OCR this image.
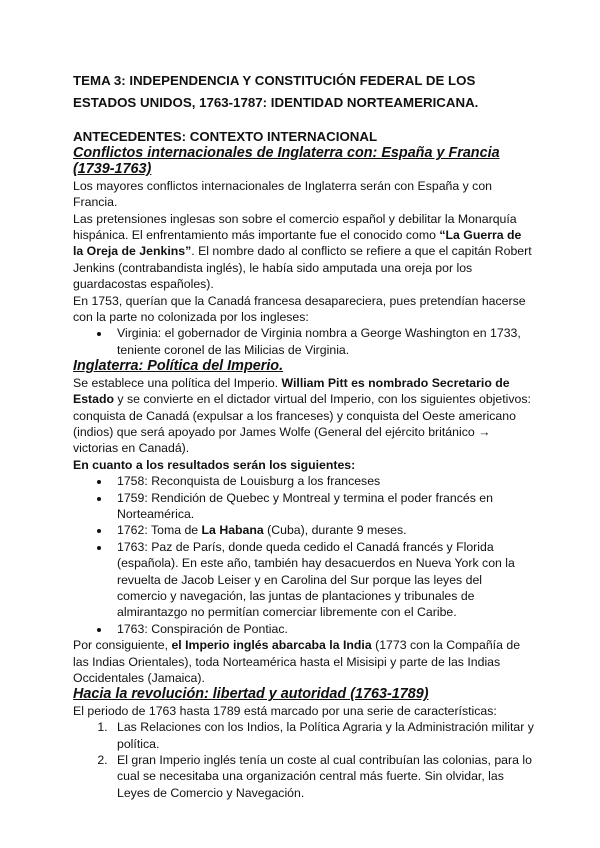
TEMA 3: INDEPENDENCIA Y CONSTITUCIÓN FEDERAL DE LOS ESTADOS UNIDOS, 1763-1787: IDENTIDAD NORTEAMERICANA.
ANTECEDENTES: CONTEXTO INTERNACIONAL
Conflictos internacionales de Inglaterra con: España y Francia (1739-1763)

Los mayores conflictos internacionales de Inglaterra serán con España y con Francia.

Las pretensiones inglesas son sobre el comercio español y debilitar la Monarquía hispánica. El enfrentamiento más importante fue el conocido como “La Guerra de la Oreja de Jenkins”. El nombre dado al conflicto se refiere a que el capitán Robert Jenkins (contrabandista inglés), le había sido amputada una oreja por los guardacostas españoles).

En 1753, querían que la Canadá francesa desapareciera, pues pretendían hacerse con la parte no colonizada por los ingleses:

• Virginia: el gobernador de Virginia nombra a George Washington en 1733, teniente coronel de las Milicias de Virginia.
Inglaterra: Política del Imperio.

Se establece una política del Imperio. William Pitt es nombrado Secretario de Estado y se convierte en el dictador virtual del Imperio, con los siguientes objetivos: conquista de Canadá (expulsar a los franceses) y conquista del Oeste americano (indios) que será apoyado por James Wolfe (General del ejército británico → victorias en Canadá).

En cuanto a los resultados serán los siguientes:

• 1758: Reconquista de Louisburg a los franceses
• 1759: Rendición de Quebec y Montreal y termina el poder francés en Norteamérica.
• 1762: Toma de La Habana (Cuba), durante 9 meses.
• 1763: Paz de París, donde queda cedido el Canadá francés y Florida (española). En este año, también hay desacuerdos en Nueva York con la revuelta de Jacob Leiser y en Carolina del Sur porque las leyes del comercio y navegación, las juntas de plantaciones y tribunales de almirantazgo no permitían comerciar libremente con el Caribe.
• 1763: Conspiración de Pontiac.

Por consiguiente, el Imperio inglés abarcaba la India (1773 con la Compañía de las Indias Orientales), toda Norteamérica hasta el Misisipi y parte de las Indias Occidentales (Jamaica).

Hacia la revolución: libertad y autoridad (1763-1789)

El periodo de 1763 hasta 1789 está marcado por una serie de características:

1. Las Relaciones con los Indios, la Política Agraria y la Administración militar y política.
2. El gran Imperio inglés tenía un coste al cual contribuían las colonias, para lo cual se necesitaba una organización central más fuerte. Sin olvidar, las Leyes de Comercio y Navegación.
